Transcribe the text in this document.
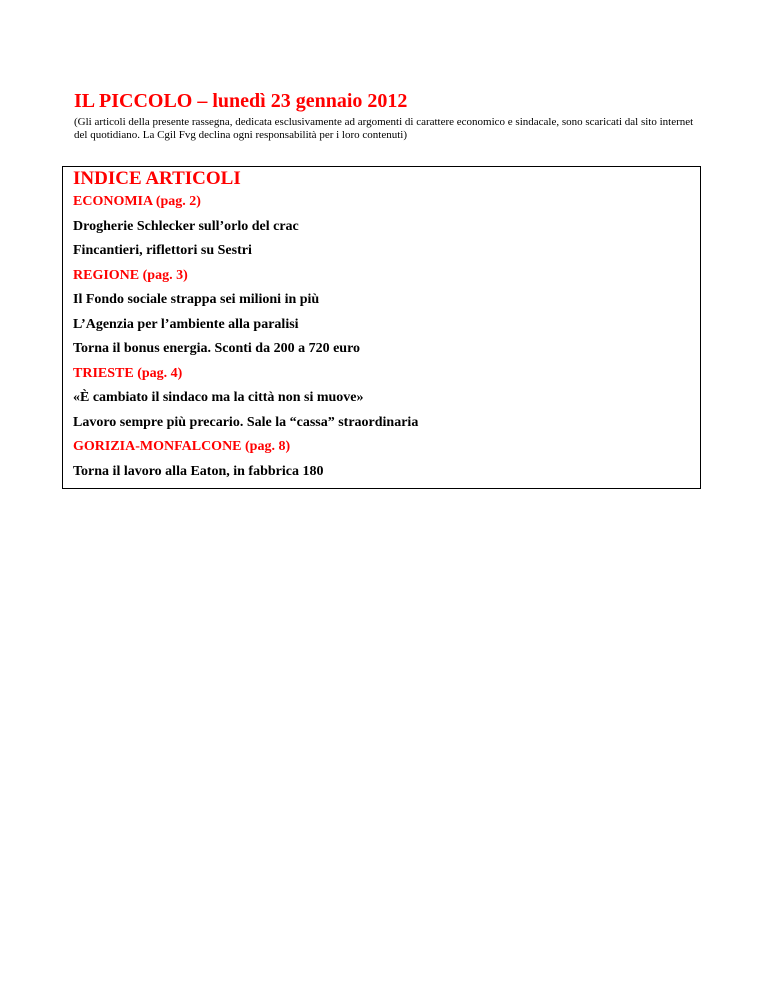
IL PICCOLO – lunedì 23 gennaio 2012
(Gli articoli della presente rassegna, dedicata esclusivamente ad argomenti di carattere economico e sindacale, sono scaricati dal sito internet del quotidiano. La Cgil Fvg declina ogni responsabilità per i loro contenuti)
INDICE ARTICOLI
ECONOMIA (pag. 2)
Drogherie Schlecker sull’orlo del crac
Fincantieri, riflettori su Sestri
REGIONE (pag. 3)
Il Fondo sociale strappa sei milioni in più
L’Agenzia per l’ambiente alla paralisi
Torna il bonus energia. Sconti da 200 a 720 euro
TRIESTE (pag. 4)
«È cambiato il sindaco ma la città non si muove»
Lavoro sempre più precario. Sale la “cassa” straordinaria
GORIZIA-MONFALCONE (pag. 8)
Torna il lavoro alla Eaton, in fabbrica 180
